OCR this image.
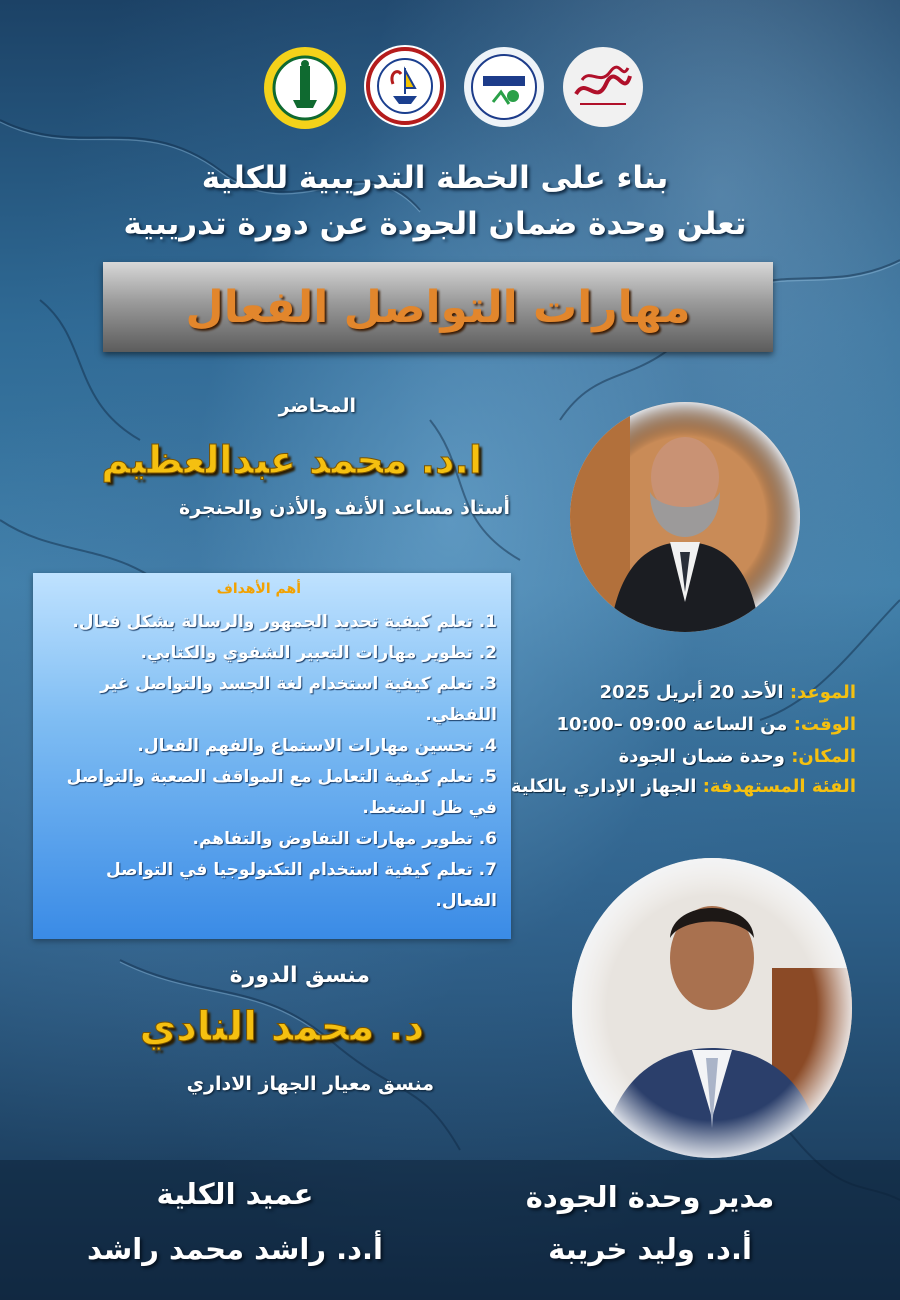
بناء على الخطة التدريبية للكلية
تعلن وحدة ضمان الجودة عن دورة تدريبية
مهارات التواصل الفعال
المحاضر
ا.د. محمد عبدالعظيم
أستاذ مساعد الأنف والأذن والحنجرة
أهم الأهداف
1. تعلم كيفية تحديد الجمهور والرسالة بشكل فعال.
2. تطوير مهارات التعبير الشفوي والكتابي.
3. تعلم كيفية استخدام لغة الجسد والتواصل غير اللفظي.
4. تحسين مهارات الاستماع والفهم الفعال.
5. تعلم كيفية التعامل مع المواقف الصعبة والتواصل في ظل الضغط.
6. تطوير مهارات التفاوض والتفاهم.
7. تعلم كيفية استخدام التكنولوجيا في التواصل الفعال.
الموعد: الأحد 20 أبريل 2025
الوقت: من الساعة 09:00 –10:00
المكان: وحدة ضمان الجودة
الفئة المستهدفة: الجهاز الإداري بالكلية
منسق الدورة
د. محمد النادي
منسق معيار الجهاز الاداري
مدير وحدة الجودة
أ.د. وليد خريبة
عميد الكلية
أ.د. راشد محمد راشد
